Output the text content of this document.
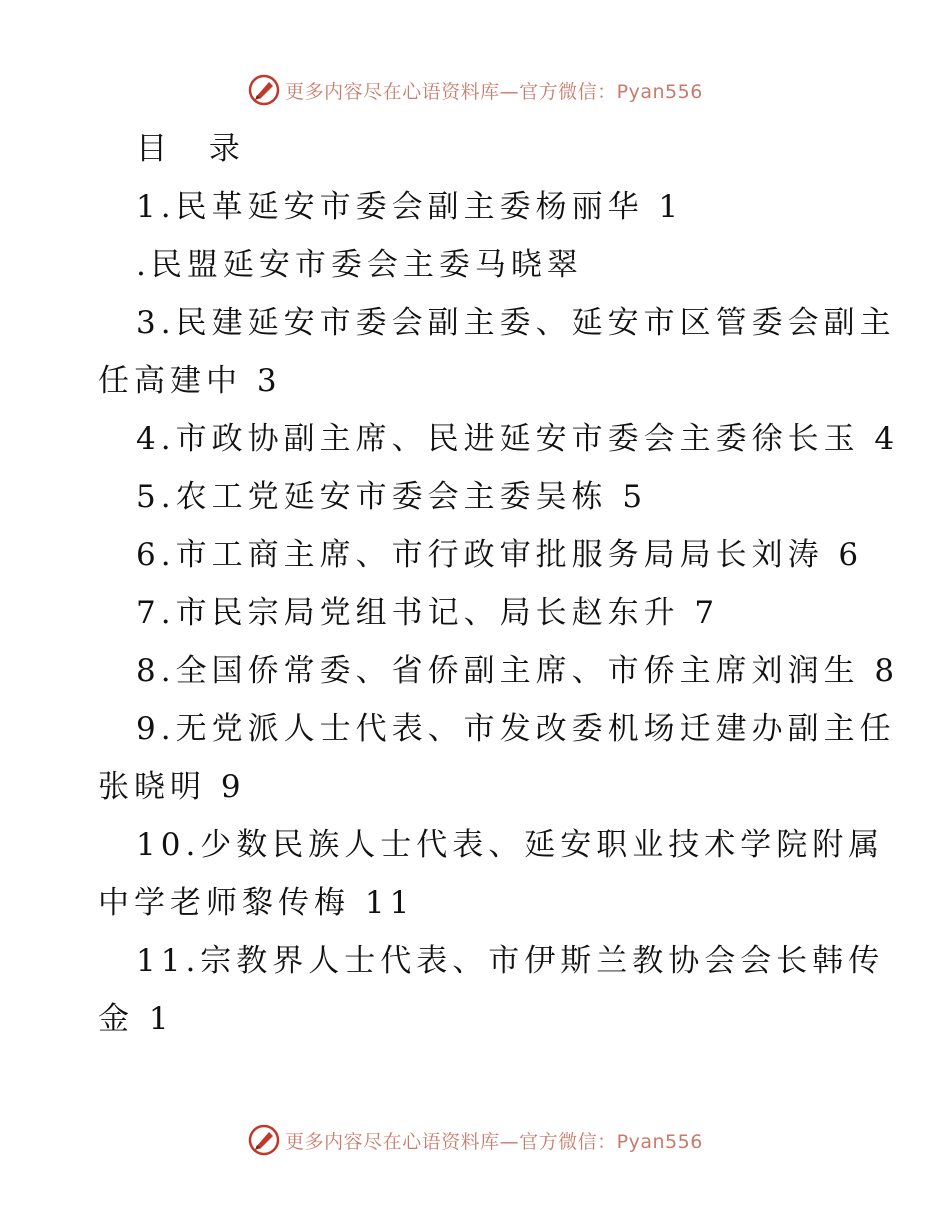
更多内容尽在心语资料库—官方微信：Pyan556
目 录
1.民革延安市委会副主委杨丽华 1
.民盟延安市委会主委马晓翠
3.民建延安市委会副主委、延安市区管委会副主
任高建中 3
4.市政协副主席、民进延安市委会主委徐长玉 4
5.农工党延安市委会主委吴栋 5
6.市工商主席、市行政审批服务局局长刘涛 6
7.市民宗局党组书记、局长赵东升 7
8.全国侨常委、省侨副主席、市侨主席刘润生 8
9.无党派人士代表、市发改委机场迁建办副主任
张晓明 9
10.少数民族人士代表、延安职业技术学院附属
中学老师黎传梅 11
11.宗教界人士代表、市伊斯兰教协会会长韩传
金 1
更多内容尽在心语资料库—官方微信：Pyan556
